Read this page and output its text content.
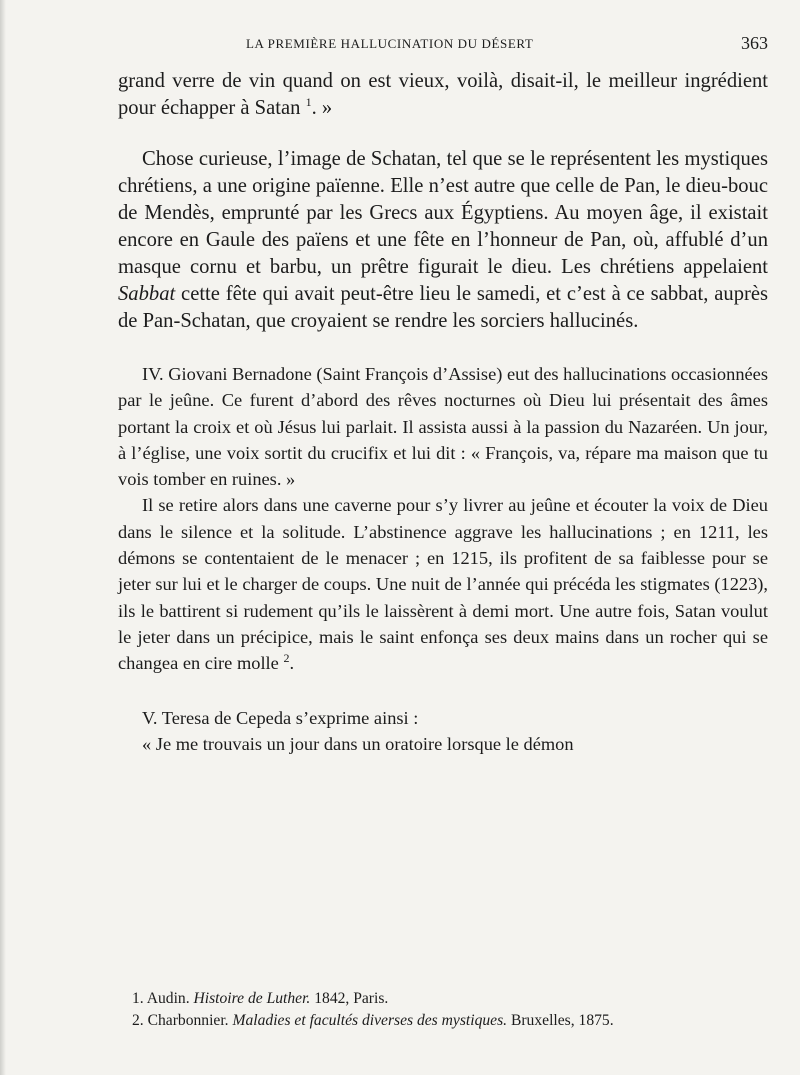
LA PREMIÈRE HALLUCINATION DU DÉSERT	363

grand verre de vin quand on est vieux, voilà, disait-il, le meilleur ingrédient pour échapper à Satan $^1$. »

Chose curieuse, l’image de Schatan, tel que se le représentent les mystiques chrétiens, a une origine païenne. Elle n’est autre que celle de Pan, le dieu-bouc de Mendès, emprunté par les Grecs aux Égyptiens. Au moyen âge, il existait encore en Gaule des païens et une fête en l’honneur de Pan, où, affublé d’un masque cornu et barbu, un prêtre figurait le dieu. Les chrétiens appelaient Sabbat cette fête qui avait peut-être lieu le samedi, et c’est à ce sabbat, auprès de Pan-Schatan, que croyaient se rendre les sorciers hallucinés.

IV. Giovani Bernadone (Saint François d’Assise) eut des hallucinations occasionnées par le jeûne. Ce furent d’abord des rêves nocturnes où Dieu lui présentait des âmes portant la croix et où Jésus lui parlait. Il assista aussi à la passion du Nazaréen. Un jour, à l’église, une voix sortit du crucifix et lui dit : « François, va, répare ma maison que tu vois tomber en ruines. »

Il se retire alors dans une caverne pour s’y livrer au jeûne et écouter la voix de Dieu dans le silence et la solitude. L’abstinence aggrave les hallucinations ; en 1211, les démons se contentaient de le menacer ; en 1215, ils profitent de sa faiblesse pour se jeter sur lui et le charger de coups. Une nuit de l’année qui précéda les stigmates (1223), ils le battirent si rudement qu’ils le laissèrent à demi mort. Une autre fois, Satan voulut le jeter dans un précipice, mais le saint enfonça ses deux mains dans un rocher qui se changea en cire molle $^2$.

V. Teresa de Cepeda s’exprime ainsi :

« Je me trouvais un jour dans un oratoire lorsque le démon

1. Audin. Histoire de Luther. 1842, Paris.
2. Charbonnier. Maladies et facultés diverses des mystiques. Bruxelles, 1875.
